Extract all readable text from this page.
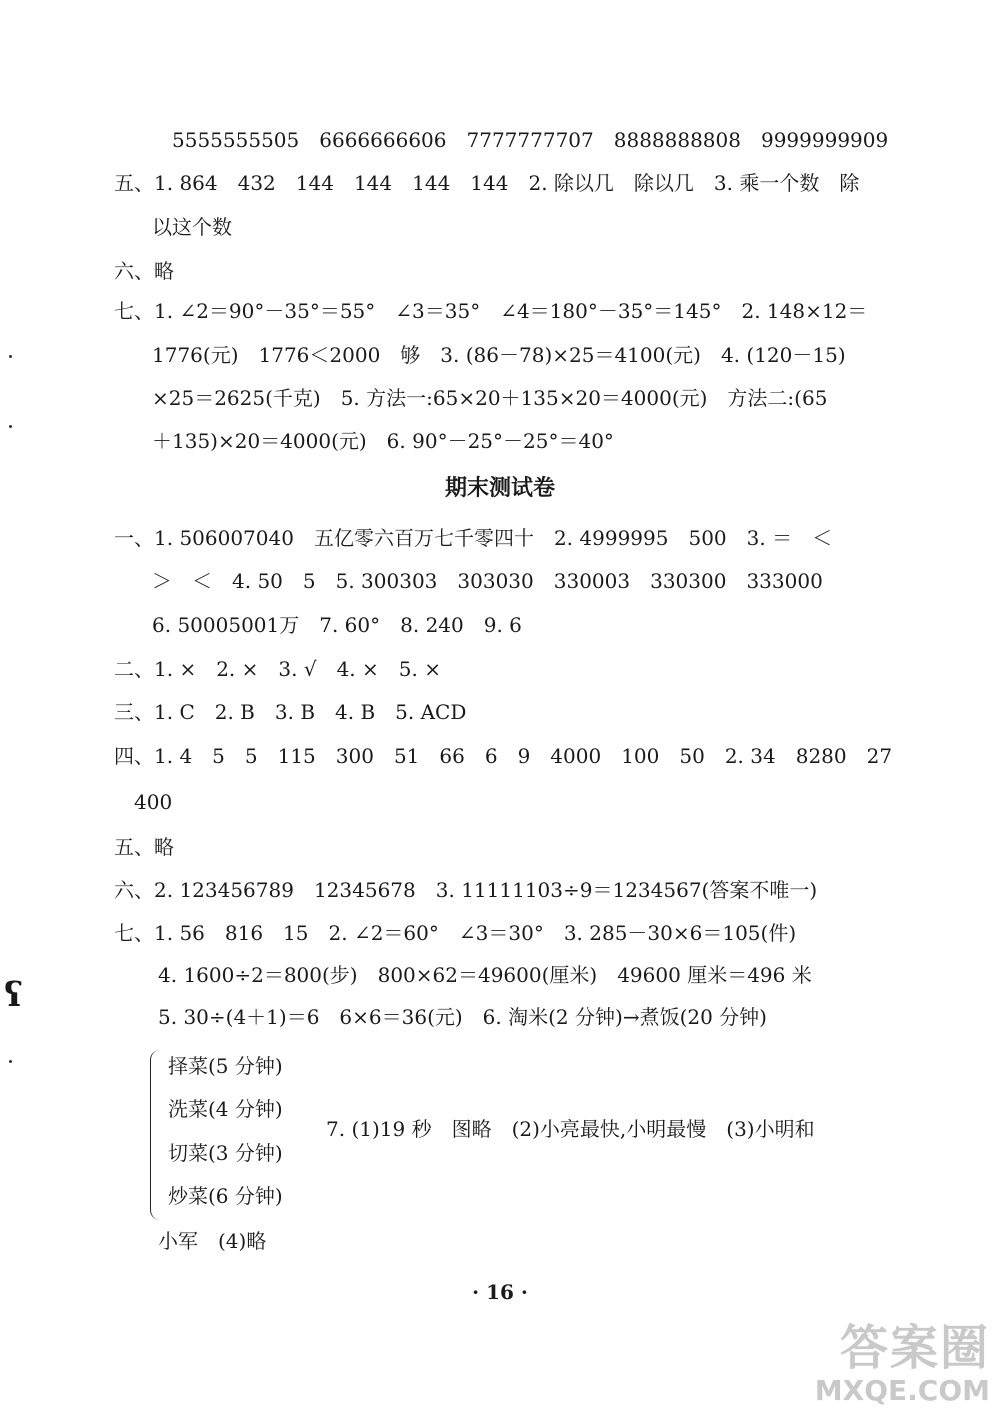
5555555505　6666666606　7777777707　8888888808　9999999909
五、1. 864　432　144　144　144　144　2. 除以几　除以几　3. 乘一个数　除
以这个数
六、略
七、1. ∠2＝90°－35°＝55°　∠3＝35°　∠4＝180°－35°＝145°　2. 148×12＝
1776(元)　1776＜2000　够　3. (86－78)×25＝4100(元)　4. (120－15)
×25＝2625(千克)　5. 方法一:65×20＋135×20＝4000(元)　方法二:(65
＋135)×20＝4000(元)　6. 90°－25°－25°＝40°
期末测试卷
一、1. 506007040　五亿零六百万七千零四十　2. 4999995　500　3. ＝　＜
＞　＜　4. 50　5　5. 300303　303030　330003　330300　333000
6. 50005001万　7. 60°　8. 240　9. 6
二、1. ×　2. ×　3. √　4. ×　5. ×
三、1. C　2. B　3. B　4. B　5. ACD
四、1. 4　5　5　115　300　51　66　6　9　4000　100　50　2. 34　8280　27
400
五、略
六、2. 123456789　12345678　3. 11111103÷9＝1234567(答案不唯一)
七、1. 56　816　15　2. ∠2＝60°　∠3＝30°　3. 285－30×6＝105(件)
4. 1600÷2＝800(步)　800×62＝49600(厘米)　49600 厘米＝496 米
5. 30÷(4＋1)＝6　6×6＝36(元)　6. 淘米(2 分钟)→煮饭(20 分钟)
择菜(5 分钟)
洗菜(4 分钟)
切菜(3 分钟)
炒菜(6 分钟)
7. (1)19 秒　图略　(2)小亮最快,小明最慢　(3)小明和
小军　(4)略
· 16 ·
ʕ
答案圈
MXQE.COM
